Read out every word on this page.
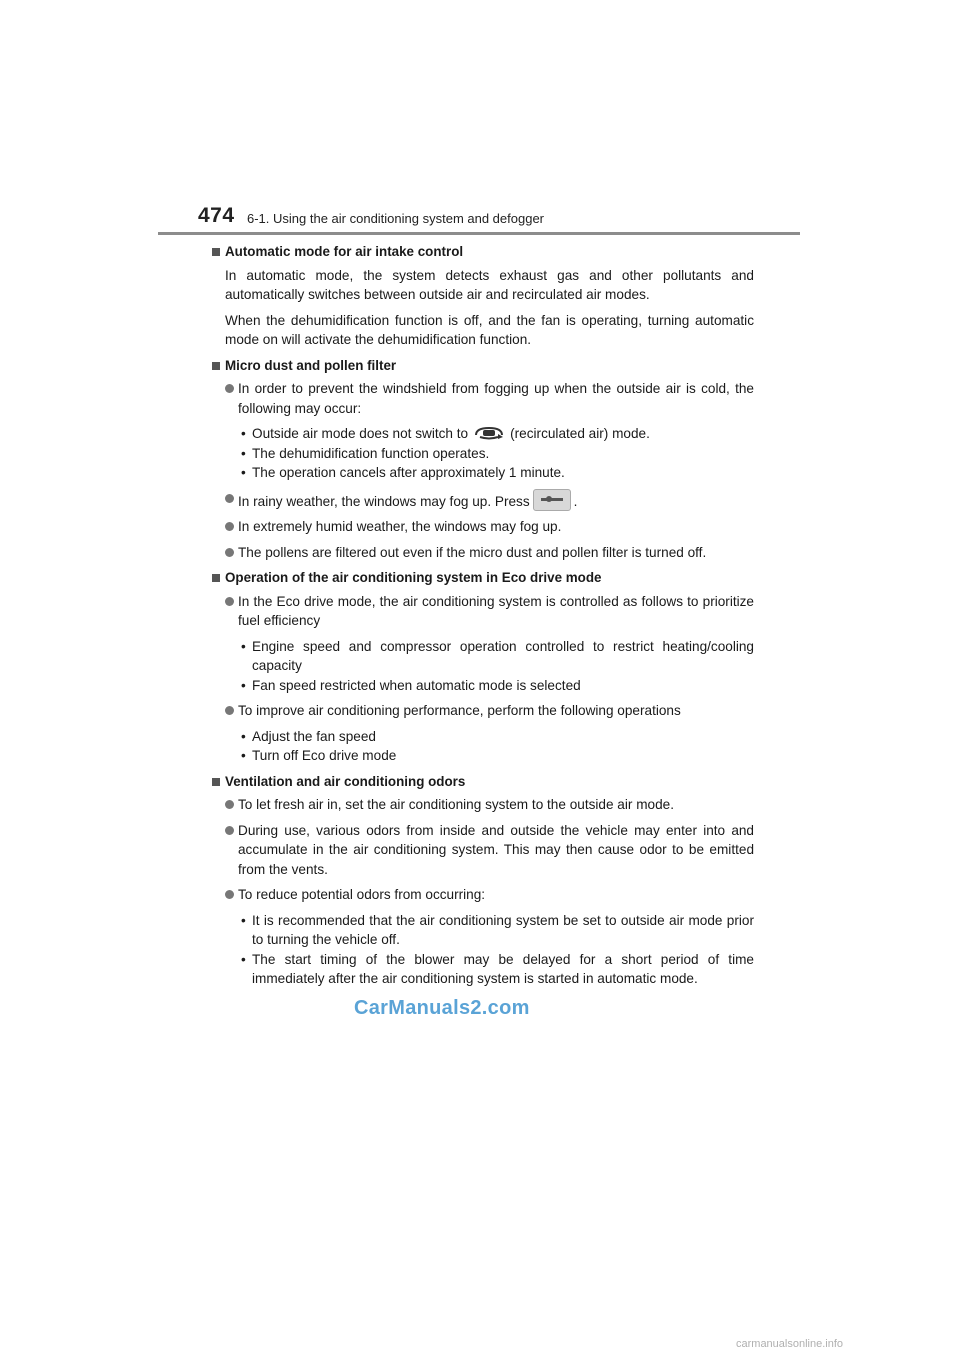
474 6-1. Using the air conditioning system and defogger
Automatic mode for air intake control
In automatic mode, the system detects exhaust gas and other pollutants and automatically switches between outside air and recirculated air modes.
When the dehumidification function is off, and the fan is operating, turning automatic mode on will activate the dehumidification function.
Micro dust and pollen filter
In order to prevent the windshield from fogging up when the outside air is cold, the following may occur:
• Outside air mode does not switch to	(recirculated air) mode.
• The dehumidification function operates.
• The operation cancels after approximately 1 minute.
In rainy weather, the windows may fog up. Press	.
In extremely humid weather, the windows may fog up.
The pollens are filtered out even if the micro dust and pollen filter is turned off.
Operation of the air conditioning system in Eco drive mode
In the Eco drive mode, the air conditioning system is controlled as follows to prioritize fuel efficiency
• Engine speed and compressor operation controlled to restrict heating/cooling capacity
• Fan speed restricted when automatic mode is selected
To improve air conditioning performance, perform the following operations
• Adjust the fan speed
• Turn off Eco drive mode
Ventilation and air conditioning odors
To let fresh air in, set the air conditioning system to the outside air mode.
During use, various odors from inside and outside the vehicle may enter into and accumulate in the air conditioning system. This may then cause odor to be emitted from the vents.
To reduce potential odors from occurring:
• It is recommended that the air conditioning system be set to outside air mode prior to turning the vehicle off.
• The start timing of the blower may be delayed for a short period of time immediately after the air conditioning system is started in automatic mode.
CarManuals2.com
carmanualsonline.info
